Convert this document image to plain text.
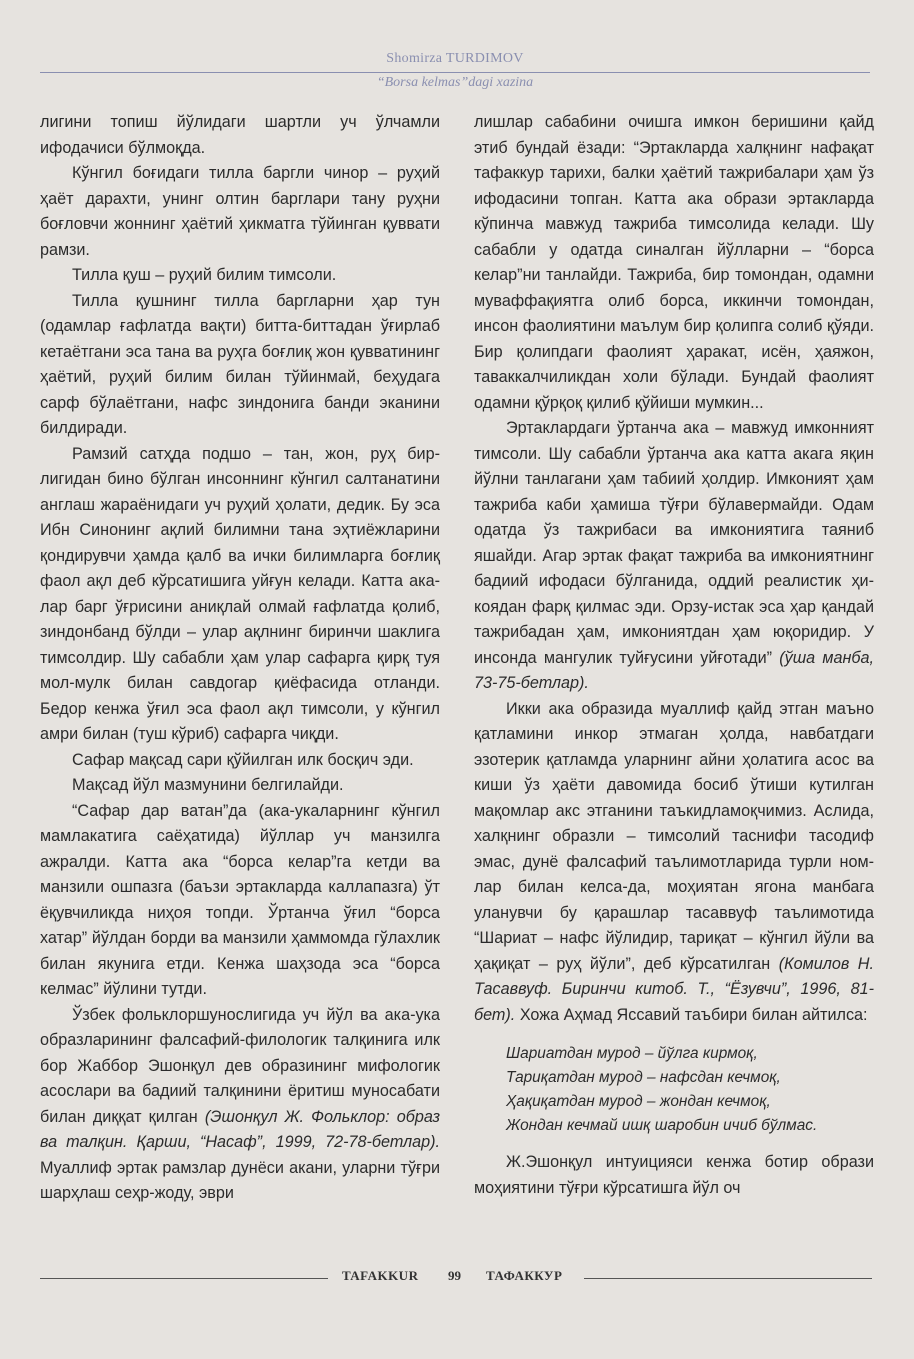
Shomirza TURDIMOV
“Borsa kelmas”dagi xazina

лигини топиш йўлидаги шартли уч ўлчамли ифодачиси бўлмоқда.

Кўнгил боғидаги тилла баргли чинор – руҳий ҳаёт дарахти, унинг олтин барглари тану руҳни боғловчи жоннинг ҳаётий ҳикматга тўйинган қуввати рамзи.

Тилла қуш – руҳий билим тимсоли.

Тилла қушнинг тилла баргларни ҳар тун (одамлар ғафлатда вақти) битта-биттадан ўғирлаб кетаётгани эса тана ва руҳга боғлиқ жон қувватининг ҳаётий, руҳий билим билан тўйинмай, беҳудага сарф бўлаётгани, нафс зиндонига банди эканини билдиради.

Рамзий сатҳда подшо – тан, жон, руҳ бирлигидан бино бўлган инсоннинг кўнгил салтанатини англаш жараёнидаги уч руҳий ҳолати, дедик. Бу эса Ибн Синонинг ақлий билимни тана эҳтиёжларини қондирувчи ҳамда қалб ва ички билимларга боғлиқ фаол ақл деб кўрсатишига уйғун келади. Катта акалар барг ўғрисини аниқлай олмай ғафлатда қолиб, зиндонбанд бўлди – улар ақлнинг биринчи шаклига тимсолдир. Шу сабабли ҳам улар сафарга қирқ туя мол-мулк билан савдогар қиёфасида отланди. Бедор кенжа ўғил эса фаол ақл тимсоли, у кўнгил амри билан (туш кўриб) сафарга чиқди.

Сафар мақсад сари қўйилган илк босқич эди.

Мақсад йўл мазмунини белгилайди.

“Сафар дар ватан”да (ака-укаларнинг кўнгил мамлакатига саёҳатида) йўллар уч манзилга ажралди. Катта ака “борса келар”га кетди ва манзили ошпазга (баъзи эртакларда каллапазга) ўт ёқувчиликда ниҳоя топди. Ўртанча ўғил “борса хатар” йўлдан борди ва манзили ҳаммомда гўлахлик билан якунига етди. Кенжа шаҳзода эса “борса келмас” йўлини тутди.

Ўзбек фольклоршунослигида уч йўл ва ака-ука образларининг фалсафий-филологик талқинига илк бор Жаббор Эшонқул дев образининг мифологик асослари ва бадиий талқинини ёритиш муносабати билан диққат қилган (Эшонқул Ж. Фольклор: образ ва талқин. Қарши, “Насаф”, 1999, 72-78-бетлар). Муаллиф эртак рамзлар дунёси акани, уларни тўғри шарҳлаш сеҳр-жоду, эври

лишлар сабабини очишга имкон беришини қайд этиб бундай ёзади: “Эртакларда халқнинг нафақат тафаккур тарихи, балки ҳаётий тажрибалари ҳам ўз ифодасини топган. Катта ака образи эртакларда кўпинча мавжуд тажриба тимсолида келади. Шу сабабли у одатда синалган йўлларни – “борса келар”ни танлайди. Тажриба, бир томондан, одамни муваффақиятга олиб борса, иккинчи томондан, инсон фаолиятини маълум бир қолипга солиб қўяди. Бир қолипдаги фаолият ҳаракат, исён, ҳаяжон, таваккалчиликдан холи бўлади. Бундай фаолият одамни қўрқоқ қилиб қўйиши мумкин...

Эртаклардаги ўртанча ака – мавжуд имконният тимсоли. Шу сабабли ўртанча ака катта акага яқин йўлни танлагани ҳам табиий ҳолдир. Имконият ҳам тажриба каби ҳамиша тўғри бўлавермайди. Одам одатда ўз тажрибаси ва имкониятига таяниб яшайди. Агар эртак фақат тажриба ва имкониятнинг бадиий ифодаси бўлганида, оддий реалистик ҳикоядан фарқ қилмас эди. Орзу-истак эса ҳар қандай тажрибадан ҳам, имкониятдан ҳам юқоридир. У инсонда мангулик туйғусини уйғотади” (ўша манба, 73-75-бетлар).

Икки ака образида муаллиф қайд этган маъно қатламини инкор этмаган ҳолда, навбатдаги эзотерик қатламда уларнинг айни ҳолатига асос ва киши ўз ҳаёти давомида босиб ўтиши кутилган мақомлар акс этганини таъкидламоқчимиз. Аслида, халқнинг образли – тимсолий таснифи тасодиф эмас, дунё фалсафий таълимотларида турли номлар билан келса-да, моҳиятан ягона манбага уланувчи бу қарашлар тасаввуф таълимотида “Шариат – нафс йўлидир, тариқат – кўнгил йўли ва ҳақиқат – руҳ йўли”, деб кўрсатилган (Комилов Н. Тасаввуф. Биринчи китоб. Т., “Ёзувчи”, 1996, 81-бет). Хожа Аҳмад Яссавий таъбири билан айтилса:

Шариатдан мурод – йўлга кирмоқ,
Тариқатдан мурод – нафсдан кечмоқ,
Ҳақиқатдан мурод – жондан кечмоқ,
Жондан кечмай ишқ шаробин ичиб бўлмас.

Ж.Эшонқул интуицияси кенжа ботир образи моҳиятини тўғри кўрсатишга йўл оч

TAFAKKUR 99 ТАФАККУР
